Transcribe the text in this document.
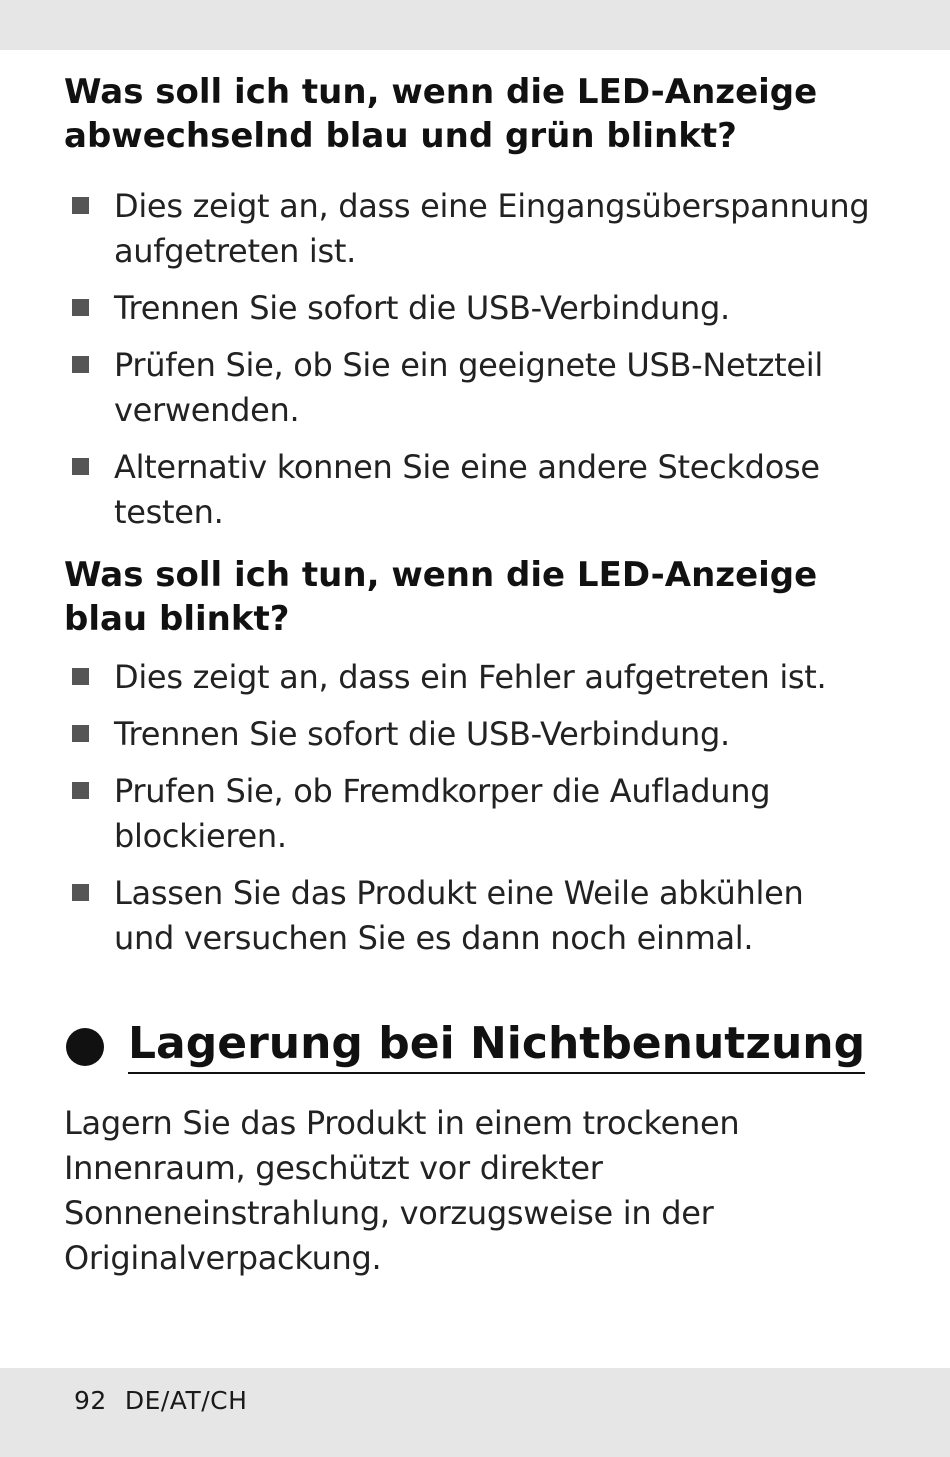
Was soll ich tun, wenn die LED-Anzeige
abwechselnd blau und grün blinkt?
Dies zeigt an, dass eine Eingangsüberspannung
aufgetreten ist.
Trennen Sie sofort die USB-Verbindung.
Prüfen Sie, ob Sie ein geeignete USB-Netzteil
verwenden.
Alternativ konnen Sie eine andere Steckdose
testen.
Was soll ich tun, wenn die LED-Anzeige
blau blinkt?
Dies zeigt an, dass ein Fehler aufgetreten ist.
Trennen Sie sofort die USB-Verbindung.
Prufen Sie, ob Fremdkorper die Aufladung
blockieren.
Lassen Sie das Produkt eine Weile abkühlen
und versuchen Sie es dann noch einmal.
Lagerung bei Nichtbenutzung
Lagern Sie das Produkt in einem trockenen
Innenraum, geschützt vor direkter
Sonneneinstrahlung, vorzugsweise in der
Originalverpackung.
92 DE/AT/CH
